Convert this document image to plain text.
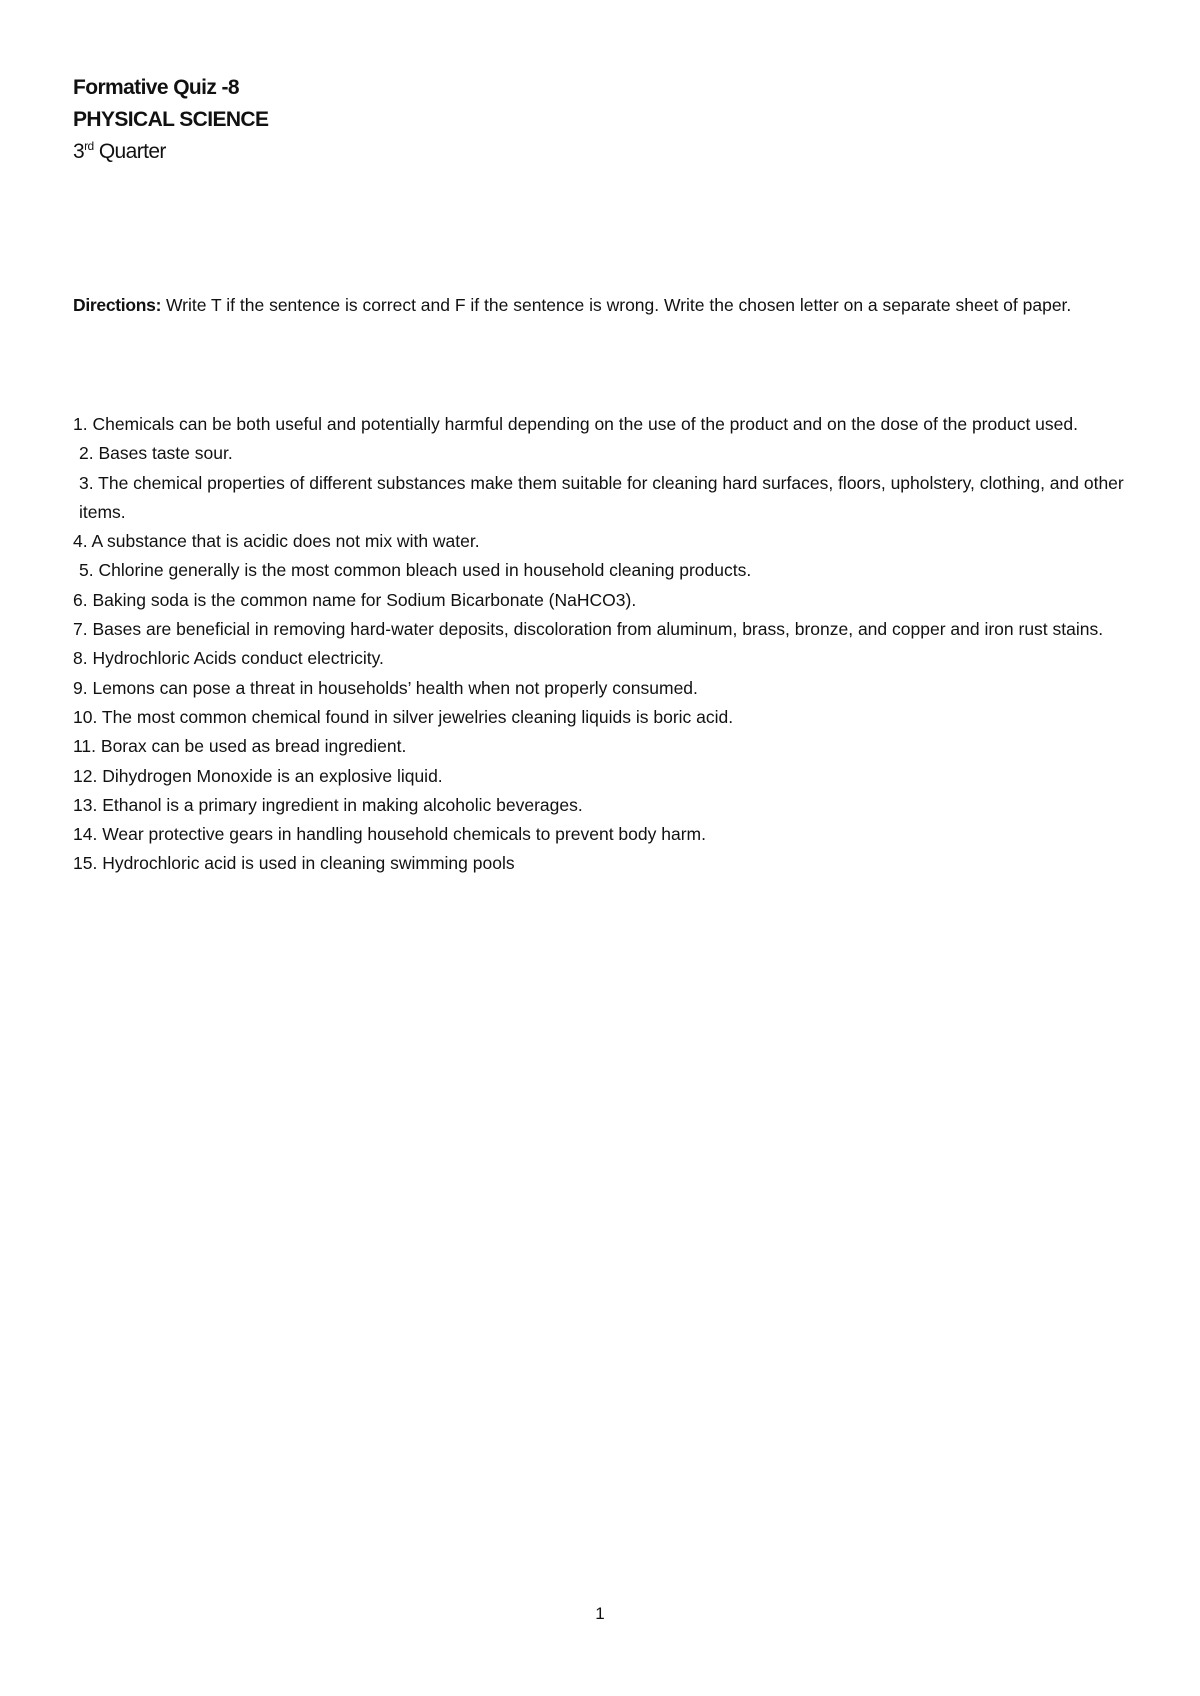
Formative Quiz -8
PHYSICAL SCIENCE
3rd Quarter
Directions: Write T if the sentence is correct and F if the sentence is wrong. Write the chosen letter on a separate sheet of paper.
1. Chemicals can be both useful and potentially harmful depending on the use of the product and on the dose of the product used.
2. Bases taste sour.
3. The chemical properties of different substances make them suitable for cleaning hard surfaces, floors, upholstery, clothing, and other items.
4. A substance that is acidic does not mix with water.
5. Chlorine generally is the most common bleach used in household cleaning products.
6. Baking soda is the common name for Sodium Bicarbonate (NaHCO3).
7. Bases are beneficial in removing hard-water deposits, discoloration from aluminum, brass, bronze, and copper and iron rust stains.
8. Hydrochloric Acids conduct electricity.
9. Lemons can pose a threat in households’ health when not properly consumed.
10. The most common chemical found in silver jewelries cleaning liquids is boric acid.
11. Borax can be used as bread ingredient.
12. Dihydrogen Monoxide is an explosive liquid.
13. Ethanol is a primary ingredient in making alcoholic beverages.
14. Wear protective gears in handling household chemicals to prevent body harm.
15. Hydrochloric acid is used in cleaning swimming pools
1
